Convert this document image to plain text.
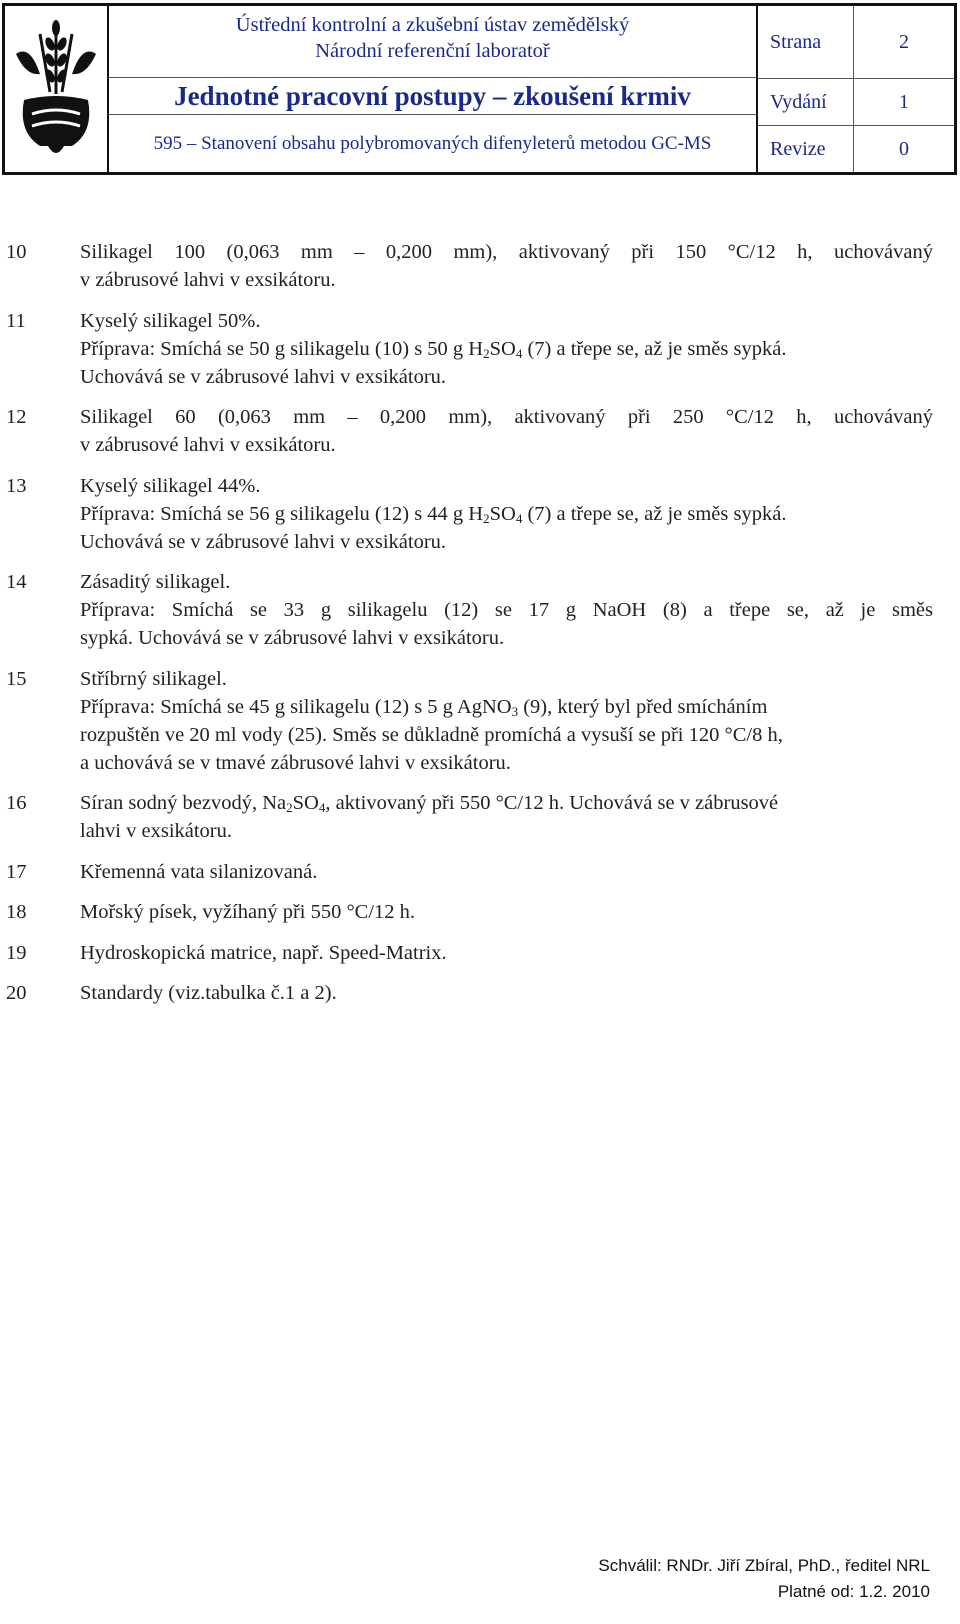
Ústřední kontrolní a zkušební ústav zemědělský
Národní referenční laboratoř
Jednotné pracovní postupy – zkoušení krmiv
595 – Stanovení obsahu polybromovaných difenyleterů metodou GC-MS
Strana	2
Vydání	1
Revize	0
10	Silikagel 100 (0,063 mm – 0,200 mm), aktivovaný při 150 °C/12 h, uchovávaný
v zábrusové lahvi v exsikátoru.
11	Kyselý silikagel 50%.
Příprava: Smíchá se 50 g silikagelu (10) s 50 g $H_2SO_4$ (7) a třepe se, až je směs sypká.
Uchovává se v zábrusové lahvi v exsikátoru.
12	Silikagel 60 (0,063 mm – 0,200 mm), aktivovaný při 250 °C/12 h, uchovávaný
v zábrusové lahvi v exsikátoru.
13	Kyselý silikagel 44%.
Příprava: Smíchá se 56 g silikagelu (12) s 44 g $H_2SO_4$ (7) a třepe se, až je směs sypká.
Uchovává se v zábrusové lahvi v exsikátoru.
14	Zásaditý silikagel.
Příprava: Smíchá se 33 g silikagelu (12) se 17 g NaOH (8) a třepe se, až je směs
sypká. Uchovává se v zábrusové lahvi v exsikátoru.
15	Stříbrný silikagel.
Příprava: Smíchá se 45 g silikagelu (12) s 5 g AgNO$_3$ (9), který byl před smícháním
rozpuštěn ve 20 ml vody (25). Směs se důkladně promíchá a vysuší se při 120 °C/8 h,
a uchovává se v tmavé zábrusové lahvi v exsikátoru.
16	Síran sodný bezvodý, $Na_2SO_4$, aktivovaný při 550 °C/12 h. Uchovává se v zábrusové
lahvi v exsikátoru.
17	Křemenná vata silanizovaná.
18	Mořský písek, vyžíhaný při 550 °C/12 h.
19	Hydroskopická matrice, např. Speed-Matrix.
20	Standardy (viz.tabulka č.1 a 2).
Schválil: RNDr. Jiří Zbíral, PhD., ředitel NRL
Platné od: 1.2. 2010
